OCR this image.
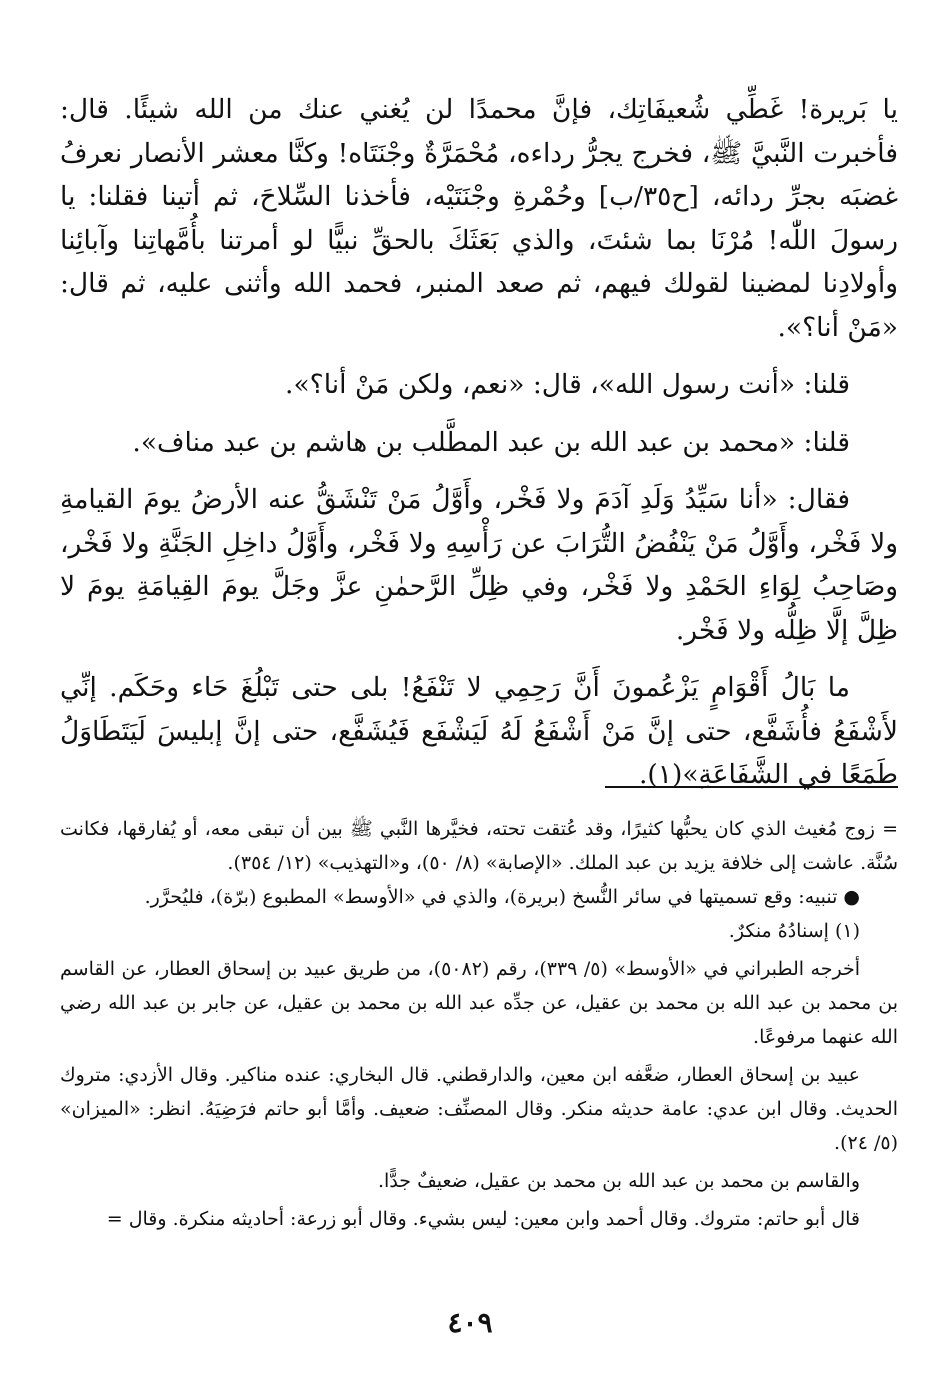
يا بَريرة! غَطِّي شُعيفَاتِك، فإنَّ محمدًا لن يُغني عنك من الله شيئًا. قال: فأخبرت النَّبيَّ ﷺ، فخرج يجرُّ رداءه، مُحْمَرَّةٌ وجْنَتَاه! وكنَّا معشر الأنصار نعرفُ غضبَه بجرِّ ردائه، [ح٣٥/ب] وحُمْرةِ وجْنَتَيْه، فأخذنا السِّلاحَ، ثم أتينا فقلنا: يا رسولَ اللّٰه! مُرْنَا بما شئتَ، والذي بَعَثَكَ بالحقِّ نبيًّا لو أمرتنا بأُمَّهاتِنا وآبائِنا وأولادِنا لمضينا لقولك فيهم، ثم صعد المنبر، فحمد الله وأثنى عليه، ثم قال: «مَنْ أنا؟».

قلنا: «أنت رسول الله»، قال: «نعم، ولكن مَنْ أنا؟».

قلنا: «محمد بن عبد الله بن عبد المطَّلب بن هاشم بن عبد مناف».

فقال: «أنا سَيِّدُ وَلَدِ آدَمَ ولا فَخْر، وأَوَّلُ مَنْ تَنْشَقُّ عنه الأرضُ يومَ القيامةِ ولا فَخْر، وأَوَّلُ مَنْ يَنْفُضُ التُّرَابَ عن رَأْسِهِ ولا فَخْر، وأَوَّلُ داخِلِ الجَنَّةِ ولا فَخْر، وصَاحِبُ لِوَاءِ الحَمْدِ ولا فَخْر، وفي ظِلِّ الرَّحمٰنِ عزَّ وجَلَّ يومَ القِيامَةِ يومَ لا ظِلَّ إلَّا ظِلُّه ولا فَخْر.

ما بَالُ أَقْوَامٍ يَزْعُمونَ أَنَّ رَحِمِي لا تَنْفَعُ! بلى حتى تَبْلُغَ حَاء وحَكَم. إنِّي لأَشْفَعُ فأُشَفَّع، حتى إنَّ مَنْ أَشْفَعُ لَهُ لَيَشْفَع فَيُشَفَّع، حتى إنَّ إبليسَ لَيَتَطَاوَلُ طَمَعًا في الشَّفَاعَةِ»(١).

= زوج مُغيث الذي كان يحبُّها كثيرًا، وقد عُتقت تحته، فخيَّرها النَّبي ﷺ بين أن تبقى معه، أو يُفارقها، فكانت سُنَّة. عاشت إلى خلافة يزيد بن عبد الملك. «الإصابة» (٨/ ٥٠)، و«التهذيب» (١٢/ ٣٥٤).

● تنبيه: وقع تسميتها في سائر النُّسخ (بريرة)، والذي في «الأوسط» المطبوع (برّة)، فليُحرَّر.

(١) إسنادُهُ منكرٌ.

أخرجه الطبراني في «الأوسط» (٥/ ٣٣٩)، رقم (٥٠٨٢)، من طريق عبيد بن إسحاق العطار، عن القاسم بن محمد بن عبد الله بن محمد بن عقيل، عن جدِّه عبد الله بن محمد بن عقيل، عن جابر بن عبد الله رضي الله عنهما مرفوعًا.

عبيد بن إسحاق العطار، ضعَّفه ابن معين، والدارقطني. قال البخاري: عنده مناكير. وقال الأزدي: متروك الحديث. وقال ابن عدي: عامة حديثه منكر. وقال المصنِّف: ضعيف. وأمَّا أبو حاتم فرَضِيَهُ. انظر: «الميزان» (٥/ ٢٤).

والقاسم بن محمد بن عبد الله بن محمد بن عقيل، ضعيفٌ جدًّا.

قال أبو حاتم: متروك. وقال أحمد وابن معين: ليس بشيء. وقال أبو زرعة: أحاديثه منكرة. وقال =

٤٠٩
